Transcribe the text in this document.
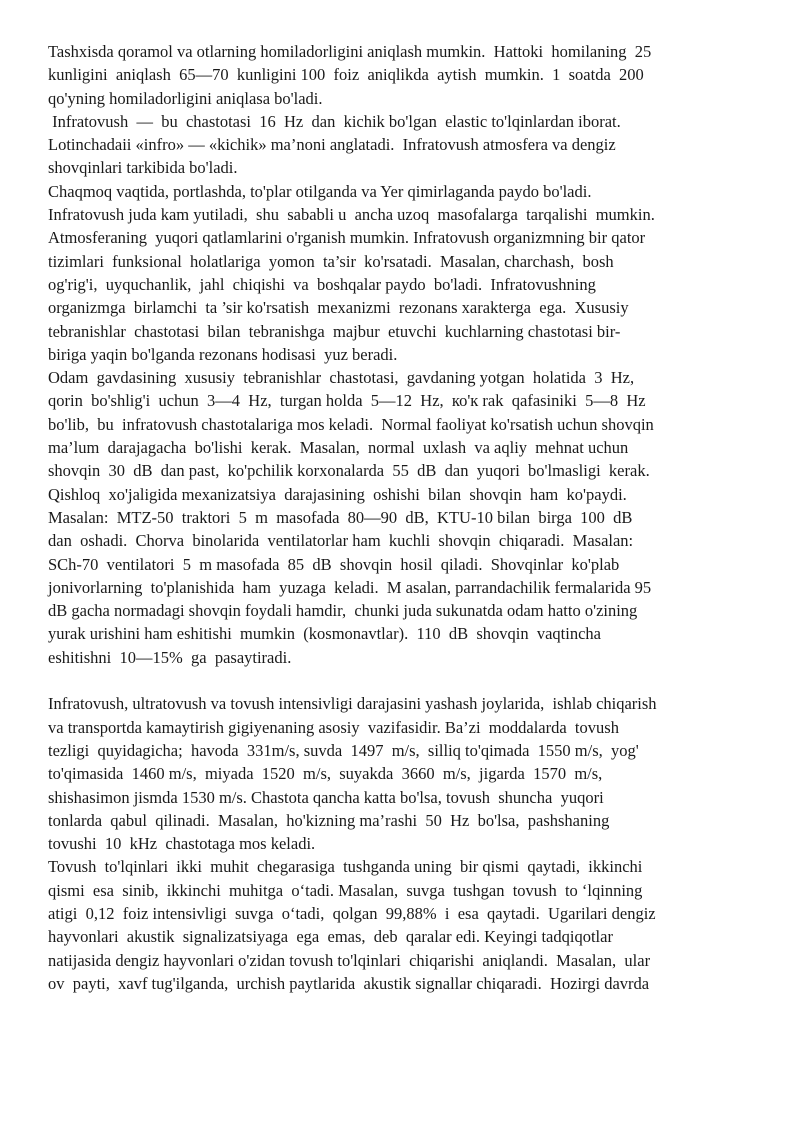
Tashxisda qoramol va otlarning homiladorligini aniqlash mumkin.  Hattoki  homilaning  25
kunligini  aniqlash  65—70  kunligini 100  foiz  aniqlikda  aytish  mumkin.  1  soatda  200
qo'yning homiladorligini aniqlasa bo'ladi.
Infratovush  —  bu  chastotasi  16  Hz  dan  kichik bo'lgan  elastic to'lqinlardan iborat.
Lotinchadaii «infro» — «kichik» ma’noni anglatadi.  Infratovush atmosfera va dengiz
shovqinlari tarkibida bo'ladi.
Chaqmoq vaqtida, portlashda, to'plar otilganda va Yer qimirlaganda paydo bo'ladi.
Infratovush juda kam yutiladi,  shu  sababli u  ancha uzoq  masofalarga  tarqalishi  mumkin.
Atmosferaning  yuqori qatlamlarini o'rganish mumkin. Infratovush organizmning bir qator
tizimlari  funksional  holatlariga  yomon  ta’sir  ko'rsatadi.  Masalan, charchash,  bosh
og'rig'i,  uyquchanlik,  jahl  chiqishi  va  boshqalar paydo  bo'ladi.  Infratovushning
organizmga  birlamchi  ta ’sir ko'rsatish  mexanizmi  rezonans xarakterga  ega.  Xususiy
tebranishlar  chastotasi  bilan  tebranishga  majbur  etuvchi  kuchlarning chastotasi bir-
biriga yaqin bo'lganda rezonans hodisasi  yuz beradi.
Odam  gavdasining  xususiy  tebranishlar  chastotasi,  gavdaning yotgan  holatida  3  Hz,
qorin  bo'shlig'i  uchun  3—4  Hz,  turgan holda  5—12  Hz,  ко'к rak  qafasiniki  5—8  Hz
bo'lib,  bu  infratovush chastotalariga mos keladi.  Normal faoliyat ko'rsatish uchun shovqin
ma’lum  darajagacha  bo'lishi  kerak.  Masalan,  normal  uxlash  va aqliy  mehnat uchun
shovqin  30  dB  dan past,  ko'pchilik korxonalarda  55  dB  dan  yuqori  bo'lmasligi  kerak.
Qishloq  xo'jaligida mexanizatsiya  darajasining  oshishi  bilan  shovqin  ham  ko'paydi.
Masalan:  MTZ-50  traktori  5  m  masofada  80—90  dB,  KTU-10 bilan  birga  100  dB
dan  oshadi.  Chorva  binolarida  ventilatorlar ham  kuchli  shovqin  chiqaradi.  Masalan:
SCh-70  ventilatori  5  m masofada  85  dB  shovqin  hosil  qiladi.  Shovqinlar  ko'plab
jonivorlarning  to'planishida  ham  yuzaga  keladi.  M asalan, parrandachilik fermalarida 95
dB gacha normadagi shovqin foydali hamdir,  chunki juda sukunatda odam hatto o'zining
yurak urishini ham eshitishi  mumkin  (kosmonavtlar).  110  dB  shovqin  vaqtincha
eshitishni  10—15%  ga  pasaytiradi.
Infratovush, ultratovush va tovush intensivligi darajasini yashash joylarida,  ishlab chiqarish
va transportda kamaytirish gigiyenaning asosiy  vazifasidir. Ba’zi  moddalarda  tovush
tezligi  quyidagicha;  havoda  331m/s, suvda  1497  m/s,  silliq to'qimada  1550 m/s,  yog'
to'qimasida  1460 m/s,  miyada  1520  m/s,  suyakda  3660  m/s,  jigarda  1570  m/s,
shishasimon jismda 1530 m/s. Chastota qancha katta bo'lsa, tovush  shuncha  yuqori
tonlarda  qabul  qilinadi.  Masalan,  ho'kizning ma’rashi  50  Hz  bo'lsa,  pashshaning
tovushi  10  kHz  chastotaga mos keladi.
Tovush  to'lqinlari  ikki  muhit  chegarasiga  tushganda uning  bir qismi  qaytadi,  ikkinchi
qismi  esa  sinib,  ikkinchi  muhitga  o‘tadi. Masalan,  suvga  tushgan  tovush  to ‘lqinning
atigi  0,12  foiz intensivligi  suvga  o‘tadi,  qolgan  99,88%  i  esa  qaytadi.  Ugarilari dengiz
hayvonlari  akustik  signalizatsiyaga  ega  emas,  deb  qaralar edi. Keyingi tadqiqotlar
natijasida dengiz hayvonlari o'zidan tovush to'lqinlari  chiqarishi  aniqlandi.  Masalan,  ular
ov  payti,  xavf tug'ilganda,  urchish paytlarida  akustik signallar chiqaradi.  Hozirgi davrda
